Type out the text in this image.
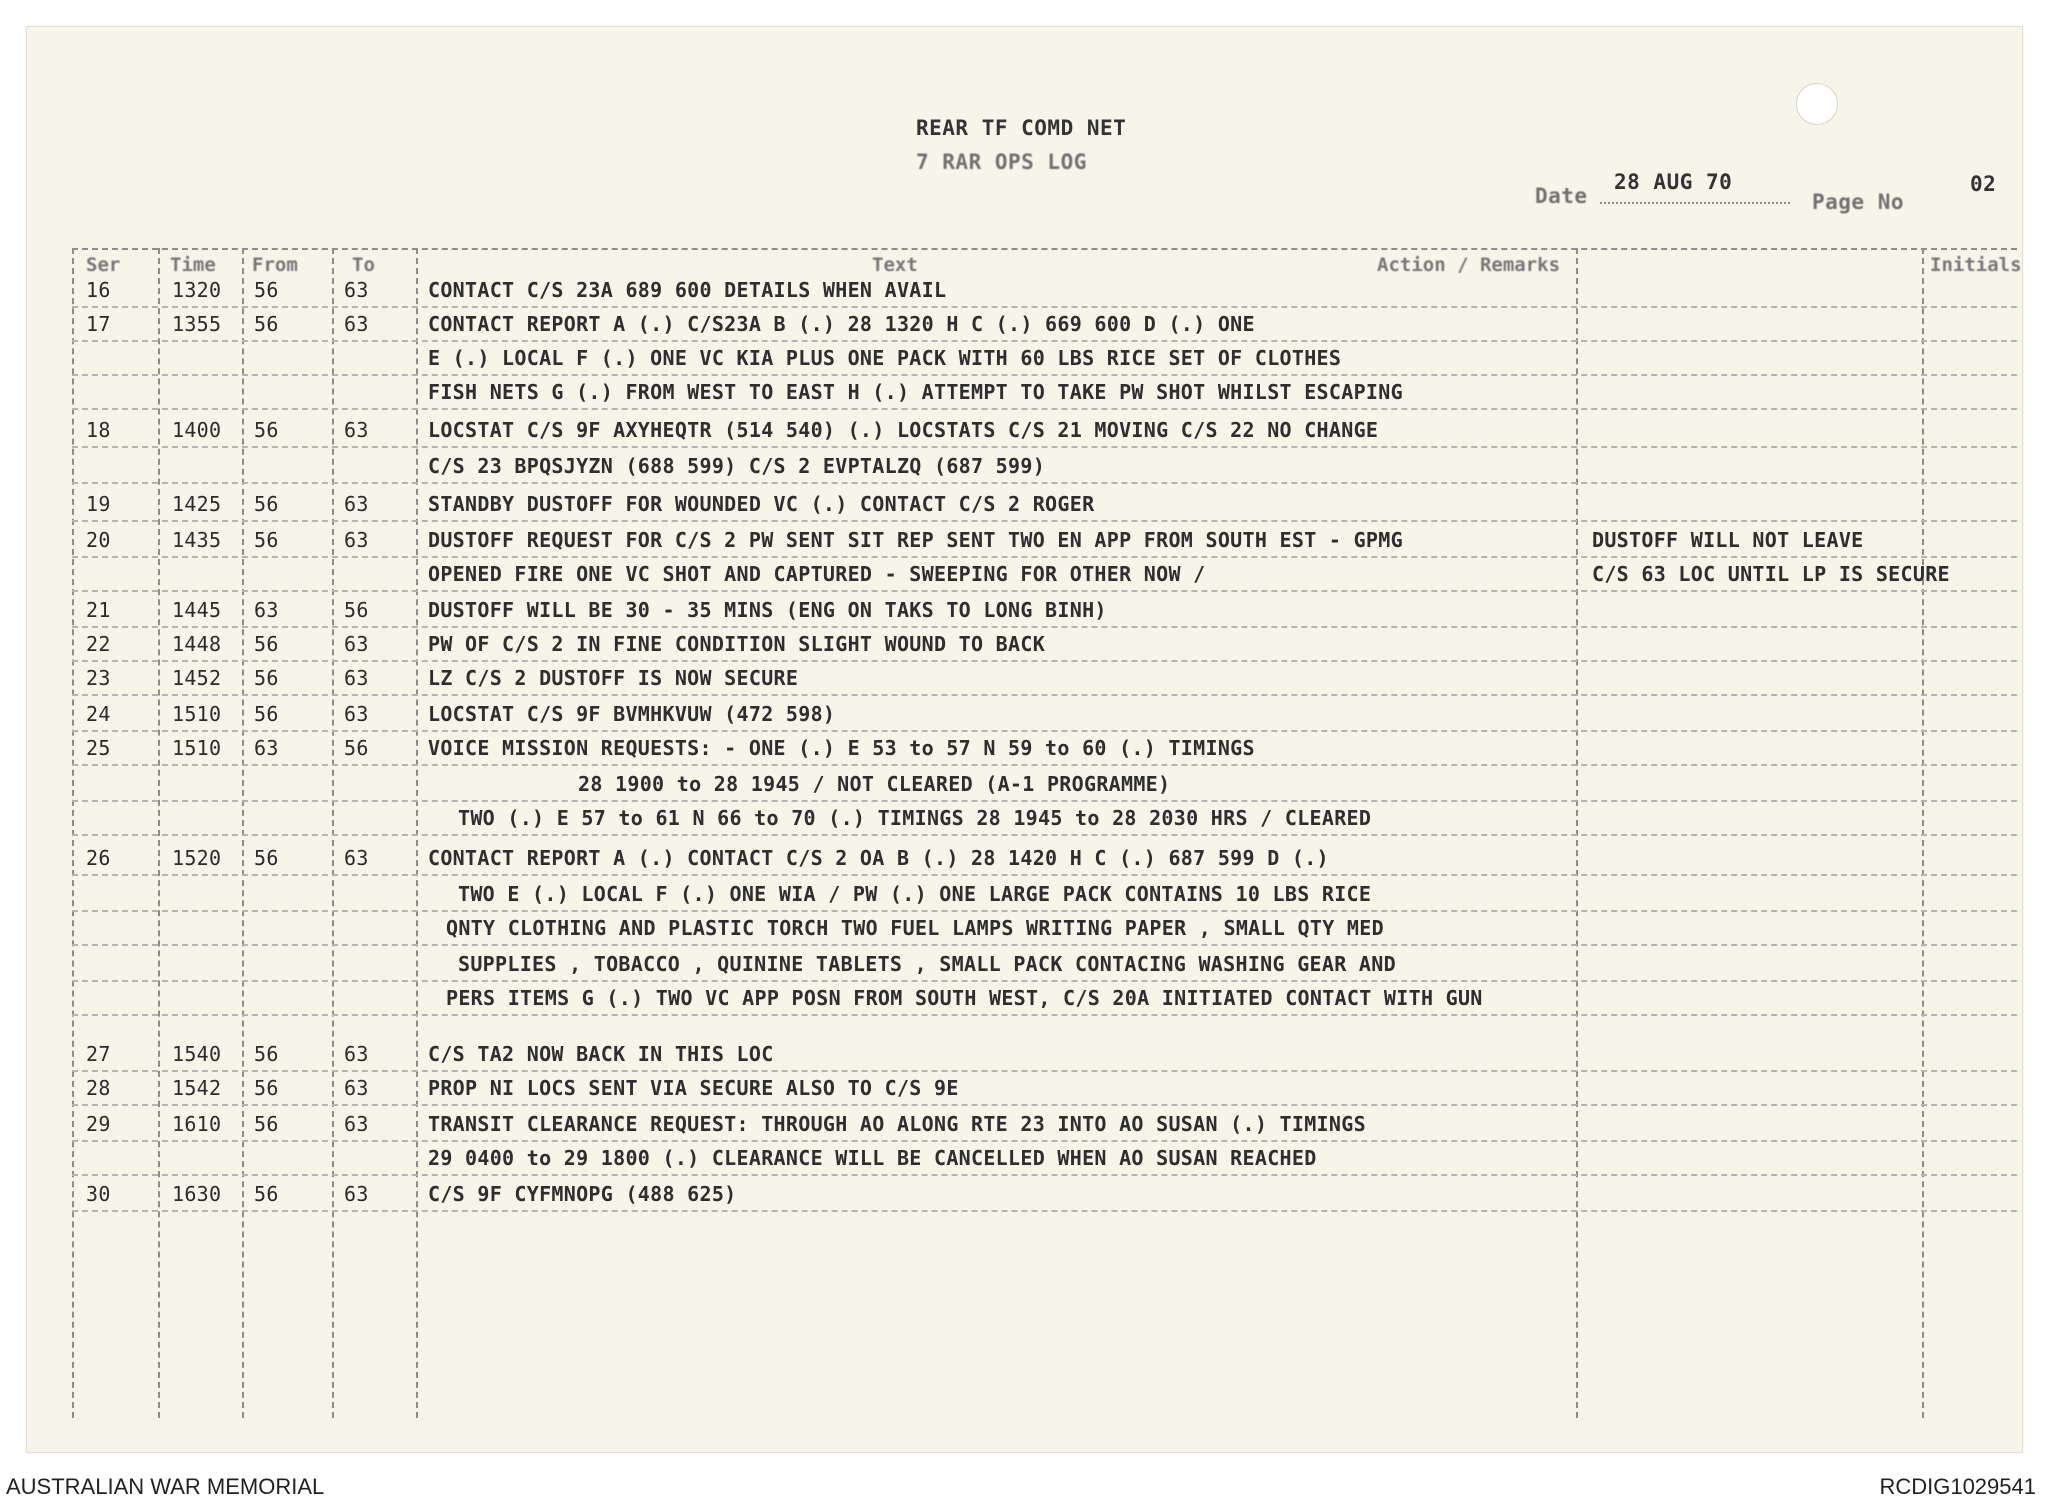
REAR TF COMD NET
7 RAR OPS LOG
Date
28 AUG 70
Page No
02
Ser	Time From	To	Text	Action / Remarks	Initials
16	1320 56	63	CONTACT C/S 23A 689 600 DETAILS WHEN AVAIL
17	1355 56	63	CONTACT REPORT A (.) C/S23A B (.) 28 1320 H C (.) 669 600 D (.) ONE
E (.) LOCAL F (.) ONE VC KIA PLUS ONE PACK WITH 60 LBS RICE SET OF CLOTHES
FISH NETS G (.) FROM WEST TO EAST H (.) ATTEMPT TO TAKE PW SHOT WHILST ESCAPING
18	1400 56	63	LOCSTAT C/S 9F AXYHEQTR (514 540) (.) LOCSTATS C/S 21 MOVING C/S 22 NO CHANGE
C/S 23 BPQSJYZN (688 599) C/S 2 EVPTALZQ (687 599)
19	1425 56	63	STANDBY DUSTOFF FOR WOUNDED VC (.) CONTACT C/S 2 ROGER
20	1435 56	63	DUSTOFF REQUEST FOR C/S 2 PW SENT SIT REP SENT TWO EN APP FROM SOUTH EST - GPMG	DUSTOFF WILL NOT LEAVE
OPENED FIRE ONE VC SHOT AND CAPTURED - SWEEPING FOR OTHER NOW /	C/S 63 LOC UNTIL LP IS SECURE
21	1445 63	56	DUSTOFF WILL BE 30 - 35 MINS (ENG ON TAKS TO LONG BINH)
22	1448 56	63	PW OF C/S 2 IN FINE CONDITION SLIGHT WOUND TO BACK
23	1452 56	63	LZ C/S 2 DUSTOFF IS NOW SECURE
24	1510 56	63	LOCSTAT C/S 9F BVMHKVUW (472 598)
25	1510 63	56	VOICE MISSION REQUESTS: - ONE (.) E 53 to 57 N 59 to 60 (.) TIMINGS
28 1900 to 28 1945 / NOT CLEARED (A-1 PROGRAMME)
TWO (.) E 57 to 61 N 66 to 70 (.) TIMINGS 28 1945 to 28 2030 HRS / CLEARED
26	1520 56	63	CONTACT REPORT A (.) CONTACT C/S 2 OA B (.) 28 1420 H C (.) 687 599 D (.)
TWO E (.) LOCAL F (.) ONE WIA / PW (.) ONE LARGE PACK CONTAINS 10 LBS RICE
QNTY CLOTHING AND PLASTIC TORCH TWO FUEL LAMPS WRITING PAPER , SMALL QTY MED
SUPPLIES , TOBACCO , QUININE TABLETS , SMALL PACK CONTACING WASHING GEAR AND
PERS ITEMS G (.) TWO VC APP POSN FROM SOUTH WEST, C/S 20A INITIATED CONTACT WITH GUN
27	1540 56	63	C/S TA2 NOW BACK IN THIS LOC
28	1542 56	63	PROP NI LOCS SENT VIA SECURE ALSO TO C/S 9E
29	1610 56	63	TRANSIT CLEARANCE REQUEST: THROUGH AO ALONG RTE 23 INTO AO SUSAN (.) TIMINGS
29 0400 to 29 1800 (.) CLEARANCE WILL BE CANCELLED WHEN AO SUSAN REACHED
30	1630 56	63	C/S 9F CYFMNOPG (488 625)
AUSTRALIAN WAR MEMORIAL	RCDIG1029541
